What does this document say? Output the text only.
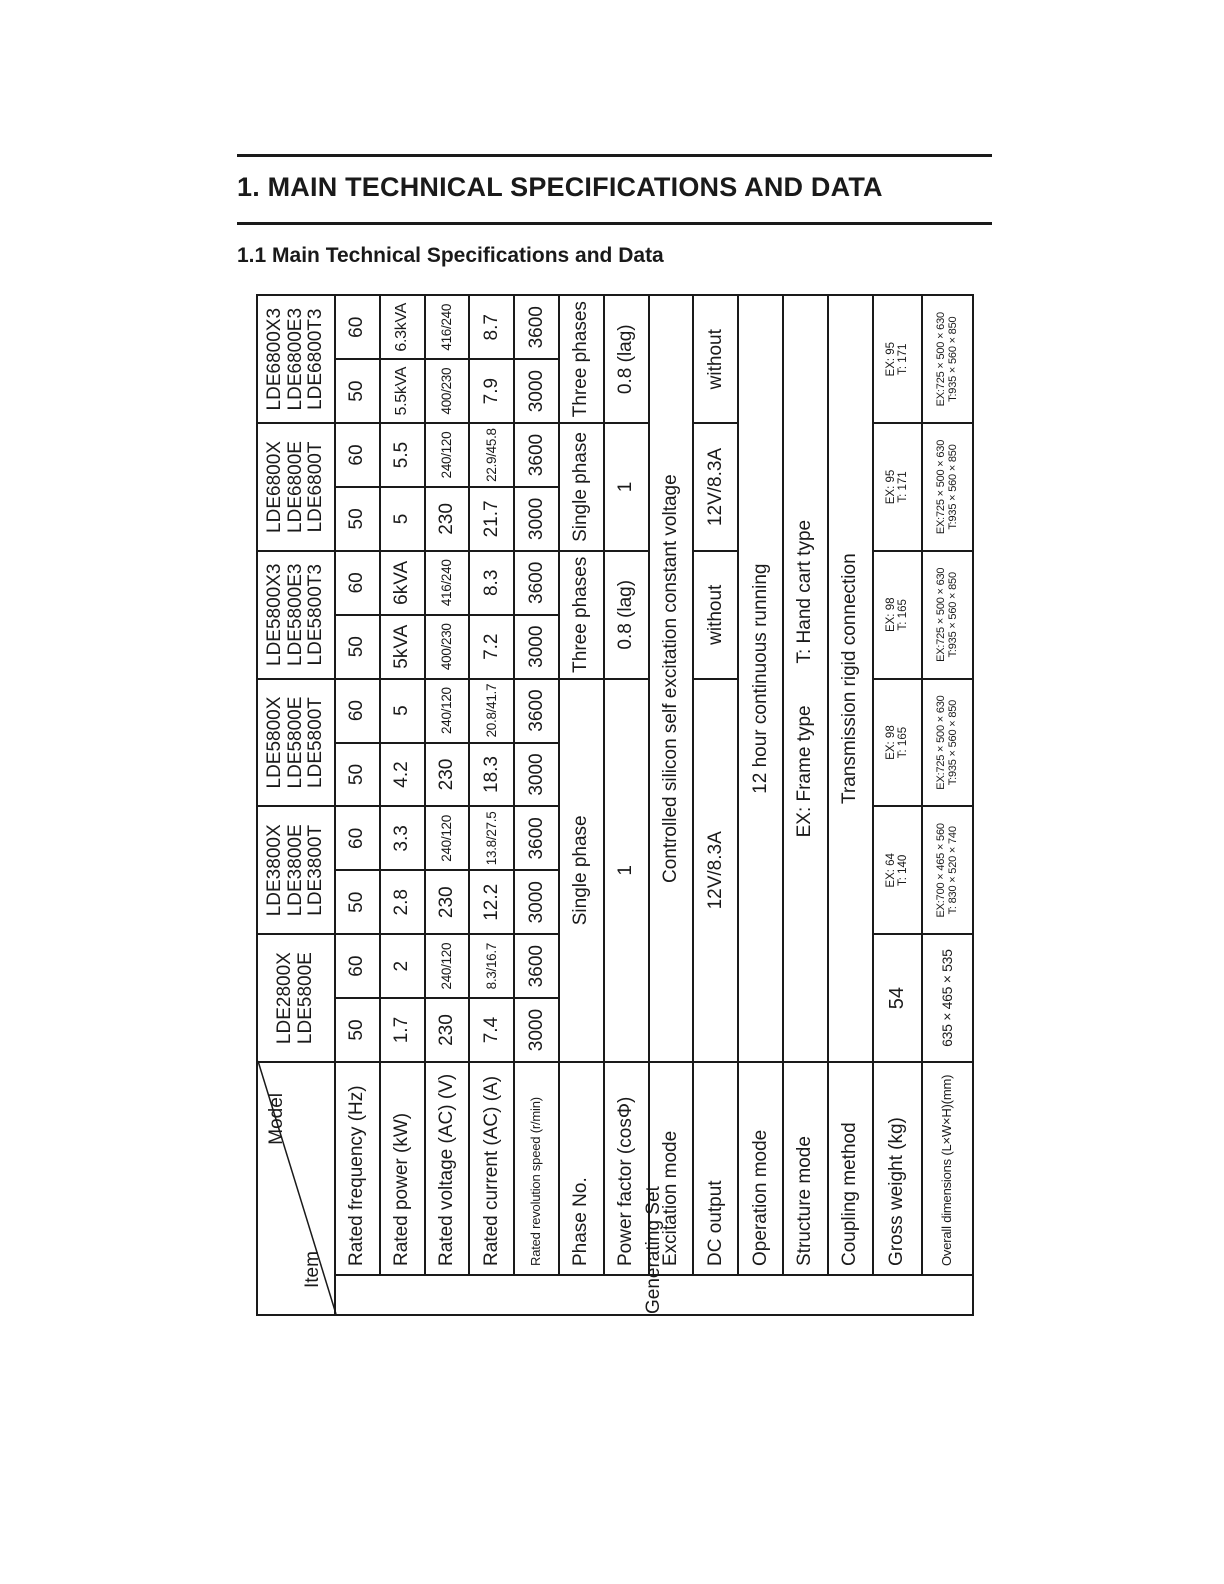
1. MAIN TECHNICAL SPECIFICATIONS AND DATA
1.1 Main Technical Specifications and Data
Model
Item		LDE2800X LDE5800E		LDE3800X LDE3800E LDE3800T		LDE5800X LDE5800E LDE5800T		LDE5800X3 LDE5800E3 LDE5800T3		LDE6800X LDE6800E LDE6800T		LDE6800X3 LDE6800E3 LDE6800T3	

Generating Set	Rated frequency (Hz)	50	60	50	60	50	60	50	60	50	60	50	60
	Rated power (kW)	1.7	2	2.8	3.3	4.2	5	5kVA	6kVA	5	5.5	5.5kVA	6.3kVA
	Rated voltage (AC) (V)	230	240/120	230	240/120	230	240/120	400/230	416/240	230	240/120	400/230	416/240
	Rated current (AC) (A)	7.4	8.3/16.7	12.2	13.8/27.5	18.3	20.8/41.7	7.2	8.3	21.7	22.9/45.8	7.9	8.7
	Rated revolution speed (r/min)	3000	3600	3000	3600	3000	3600	3000	3600	3000	3600	3000	3600
	Phase No.	Single phase						Three phases		Single phase		Three phases	
	Power factor (cosΦ)	1						0.8 (lag)		1		0.8 (lag)	
	Excitation mode	Controlled silicon self excitation constant voltage											
	DC output	12V/8.3A						without		12V/8.3A		without	
	Operation mode	12 hour continuous running											
	Structure mode	EX: Frame type        T: Hand cart type											
	Coupling method	Transmission rigid connection											
	Gross weight (kg)	54		EX: 64 T: 140		EX: 98 T: 165		EX: 98 T: 165		EX: 95 T: 171		EX: 95 T: 171	

	Overall dimensions (L×W×H)(mm)	635 × 465 × 535		EX:700 × 465 × 560 T: 830 × 520 × 740		EX:725 × 500 × 630 T:935 × 560 × 850		EX:725 × 500 × 630 T:935 × 560 × 850		EX:725 × 500 × 630 T:935 × 560 × 850		EX:725 × 500 × 630 T:935 × 560 × 850	
